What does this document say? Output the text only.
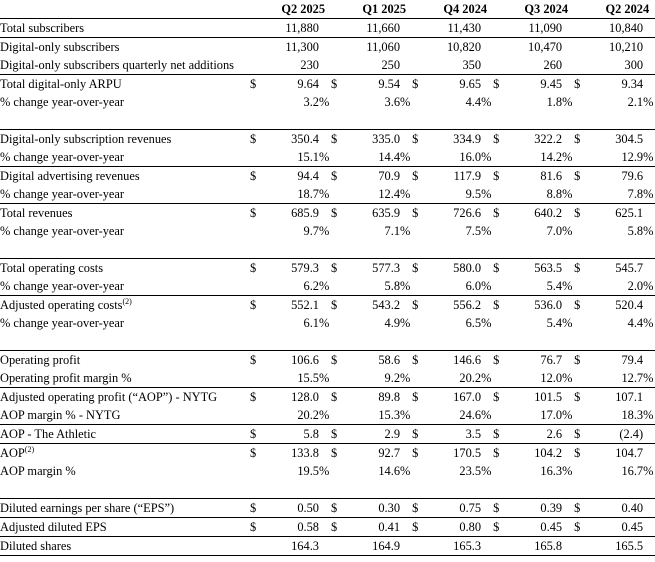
	Q2 2025			Q1 2025			Q4 2024			Q3 2024			Q2 2024		
Total subscribers		11,880			11,660			11,430			11,090			10,840	
Digital-only subscribers		11,300			11,060			10,820			10,470			10,210	
Digital-only subscribers quarterly net additions		230			250			350			260			300	
Total digital-only ARPU	$	9.64		$	9.54		$	9.65		$	9.45		$	9.34	
% change year-over-year		3.2	%		3.6	%		4.4	%		1.8	%		2.1	%

Digital-only subscription revenues	$	350.4		$	335.0		$	334.9		$	322.2		$	304.5	
% change year-over-year		15.1	%		14.4	%		16.0	%		14.2	%		12.9	%
Digital advertising revenues	$	94.4		$	70.9		$	117.9		$	81.6		$	79.6	
% change year-over-year		18.7	%		12.4	%		9.5	%		8.8	%		7.8	%
Total revenues	$	685.9		$	635.9		$	726.6		$	640.2		$	625.1	
% change year-over-year		9.7	%		7.1	%		7.5	%		7.0	%		5.8	%

Total operating costs	$	579.3		$	577.3		$	580.0		$	563.5		$	545.7	
% change year-over-year		6.2	%		5.8	%		6.0	%		5.4	%		2.0	%
Adjusted operating costs$^{(2)}$	$	552.1		$	543.2		$	556.2		$	536.0		$	520.4	
% change year-over-year		6.1	%		4.9	%		6.5	%		5.4	%		4.4	%

Operating profit	$	106.6		$	58.6		$	146.6		$	76.7		$	79.4	
Operating profit margin %		15.5	%		9.2	%		20.2	%		12.0	%		12.7	%
Adjusted operating profit (“AOP”) - NYTG	$	128.0		$	89.8		$	167.0		$	101.5		$	107.1	
AOP margin % - NYTG		20.2	%		15.3	%		24.6	%		17.0	%		18.3	%
AOP - The Athletic	$	5.8		$	2.9		$	3.5		$	2.6		$	(2.4)	
AOP$^{(2)}$	$	133.8		$	92.7		$	170.5		$	104.2		$	104.7	
AOP margin %		19.5	%		14.6	%		23.5	%		16.3	%		16.7	%

Diluted earnings per share (“EPS”)	$	0.50		$	0.30		$	0.75		$	0.39		$	0.40	
Adjusted diluted EPS	$	0.58		$	0.41		$	0.80		$	0.45		$	0.45	
Diluted shares		164.3			164.9			165.3			165.8			165.5	
